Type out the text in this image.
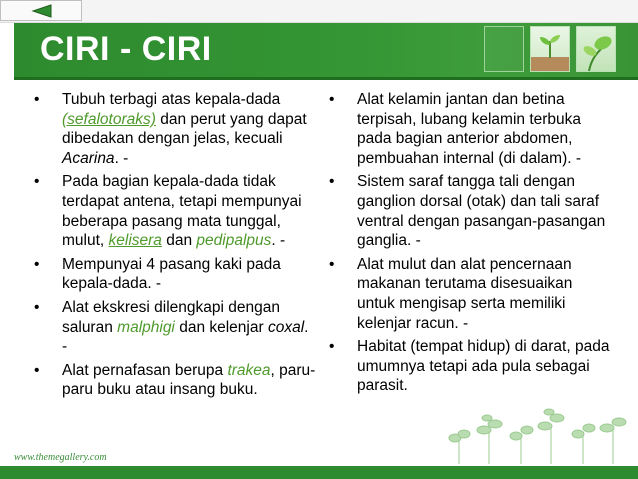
CIRI - CIRI
• Tubuh terbagi atas kepala-dada (sefalotoraks) dan perut yang dapat dibedakan dengan jelas, kecuali Acarina. -
• Pada bagian kepala-dada tidak terdapat antena, tetapi mempunyai beberapa pasang mata tunggal, mulut, kelisera dan pedipalpus. -
• Mempunyai 4 pasang kaki pada kepala-dada. -
• Alat ekskresi dilengkapi dengan saluran malphigi dan kelenjar coxal. -
• Alat pernafasan berupa trakea, paru-paru buku atau insang buku.
• Alat kelamin jantan dan betina terpisah, lubang kelamin terbuka pada bagian anterior abdomen, pembuahan internal (di dalam). -
• Sistem saraf tangga tali dengan ganglion dorsal (otak) dan tali saraf ventral dengan pasangan-pasangan ganglia. -
• Alat mulut dan alat pencernaan makanan terutama disesuaikan untuk mengisap serta memiliki kelenjar racun. -
• Habitat (tempat hidup) di darat, pada umumnya tetapi ada pula sebagai parasit.

www.themegallery.com
